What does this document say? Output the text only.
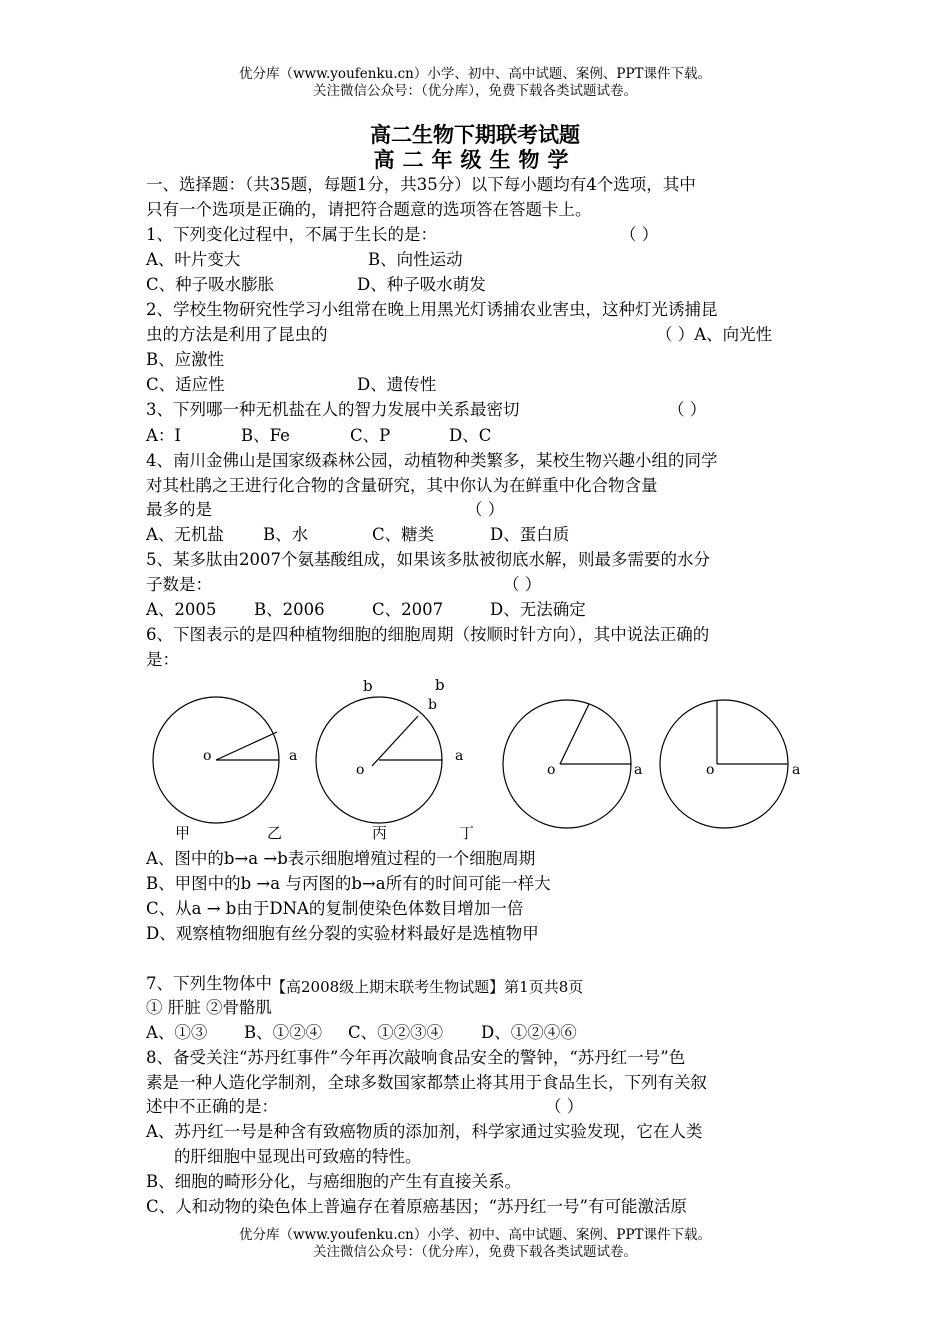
优分库（www.youfenku.cn）小学、初中、高中试题、案例、PPT课件下载。
关注微信公众号：（优分库），免费下载各类试题试卷。
高二生物下期联考试题
高二年级生物学
一、选择题：（共35题，每题1分，共35分）以下每小题均有4个选项，其中
只有一个选项是正确的，请把符合题意的选项答在答题卡上。
1、下列变化过程中，不属于生长的是：	（ ）
A、叶片变大	B、向性运动
C、种子吸水膨胀	D、种子吸水萌发
2、学校生物研究性学习小组常在晚上用黑光灯诱捕农业害虫，这种灯光诱捕昆
虫的方法是利用了昆虫的	（ ）A、向光性
B、应激性
C、适应性	D、遗传性
3、下列哪一种无机盐在人的智力发展中关系最密切	（ ）
A：I	B、Fe	C、P	D、C
4、南川金佛山是国家级森林公园，动植物种类繁多，某校生物兴趣小组的同学
对其杜鹃之王进行化合物的含量研究，其中你认为在鲜重中化合物含量
最多的是	（ ）
A、无机盐 B、水	C、糖类	D、蛋白质
5、某多肽由2007个氨基酸组成，如果该多肽被彻底水解，则最多需要的水分
子数是：	（ ）
A、2005 B、2006	C、2007	D、无法确定
6、下图表示的是四种植物细胞的细胞周期（按顺时针方向），其中说法正确的
是：
o	a
b	b
b
a
o	o	a	o	a
甲	乙	丙	丁
A、图中的b→a →b表示细胞增殖过程的一个细胞周期
B、甲图中的b →a 与丙图的b→a所有的时间可能一样大
C、从a → b由于DNA的复制使染色体数目增加一倍
D、观察植物细胞有丝分裂的实验材料最好是选植物甲
7、下列生物体中 【高2008级上期末联考生物试题】第1页共8页
① 肝脏 ②骨骼肌
A、①③ B、①②④ C、①②③④ D、①②④⑥
8、备受关注“苏丹红事件”今年再次敲响食品安全的警钟，“苏丹红一号”色
素是一种人造化学制剂，全球多数国家都禁止将其用于食品生长，下列有关叙
述中不正确的是：	（ ）
A、苏丹红一号是种含有致癌物质的添加剂，科学家通过实验发现，它在人类
的肝细胞中显现出可致癌的特性。
B、细胞的畸形分化，与癌细胞的产生有直接关系。
C、人和动物的染色体上普遍存在着原癌基因；“苏丹红一号”有可能激活原
优分库（www.youfenku.cn）小学、初中、高中试题、案例、PPT课件下载。
关注微信公众号：（优分库），免费下载各类试题试卷。
